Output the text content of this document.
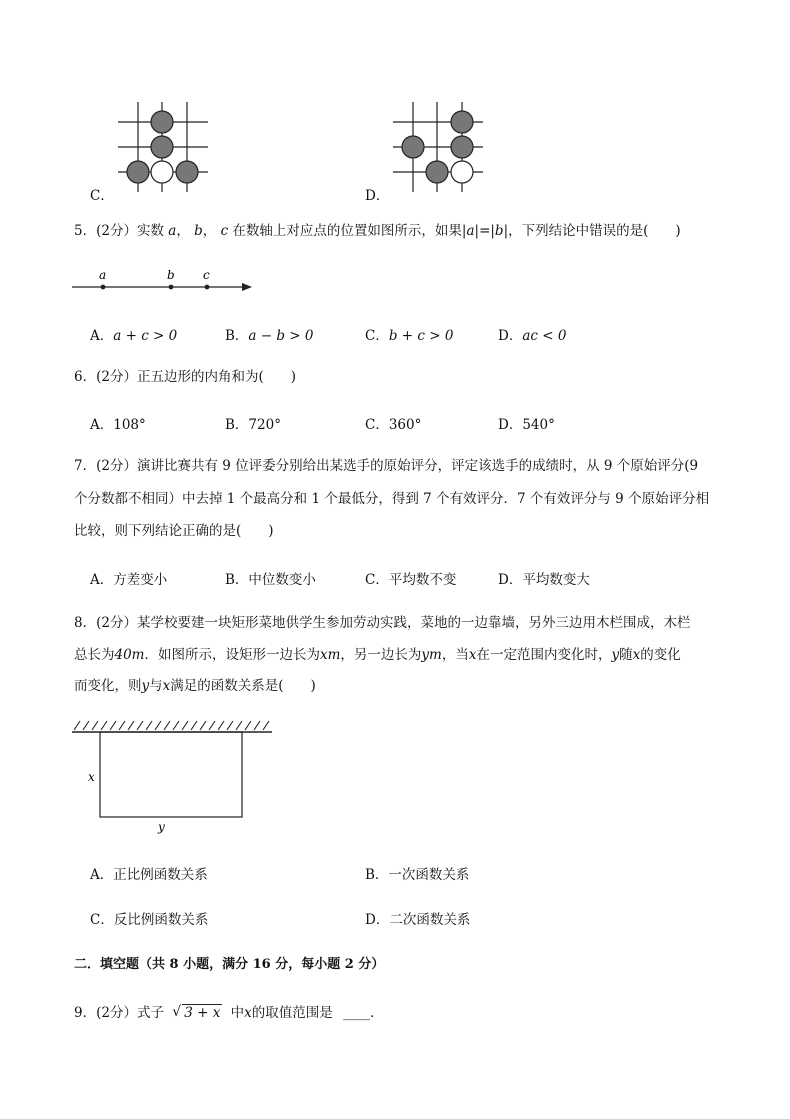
C．	D．
5．(2分）实数 a， b， c 在数轴上对应点的位置如图所示，如果|a|=|b|，下列结论中错误的是(　　)
a	b c
A．a + c > 0	B．a − b > 0	C．b + c > 0	D．ac < 0
6．(2分）正五边形的内角和为(　　)
A．108°	B．720°	C．360°	D．540°
7．(2分）演讲比赛共有 9 位评委分别给出某选手的原始评分，评定该选手的成绩时，从 9 个原始评分(9
个分数都不相同）中去掉 1 个最高分和 1 个最低分，得到 7 个有效评分．7 个有效评分与 9 个原始评分相
比较，则下列结论正确的是(　　)
A．方差变小	B．中位数变小	C．平均数不变	D．平均数变大
8．(2分）某学校要建一块矩形菜地供学生参加劳动实践，菜地的一边靠墙，另外三边用木栏围成，木栏
总长为40m．如图所示，设矩形一边长为xm，另一边长为ym，当x在一定范围内变化时，y随x的变化
而变化，则y与x满足的函数关系是(　　)
x
y
A．正比例函数关系	B．一次函数关系
C．反比例函数关系	D．二次函数关系
二．填空题（共 8 小题，满分 16 分，每小题 2 分）
9．(2分）式子 √ 3 + x 中x的取值范围是 ____．
